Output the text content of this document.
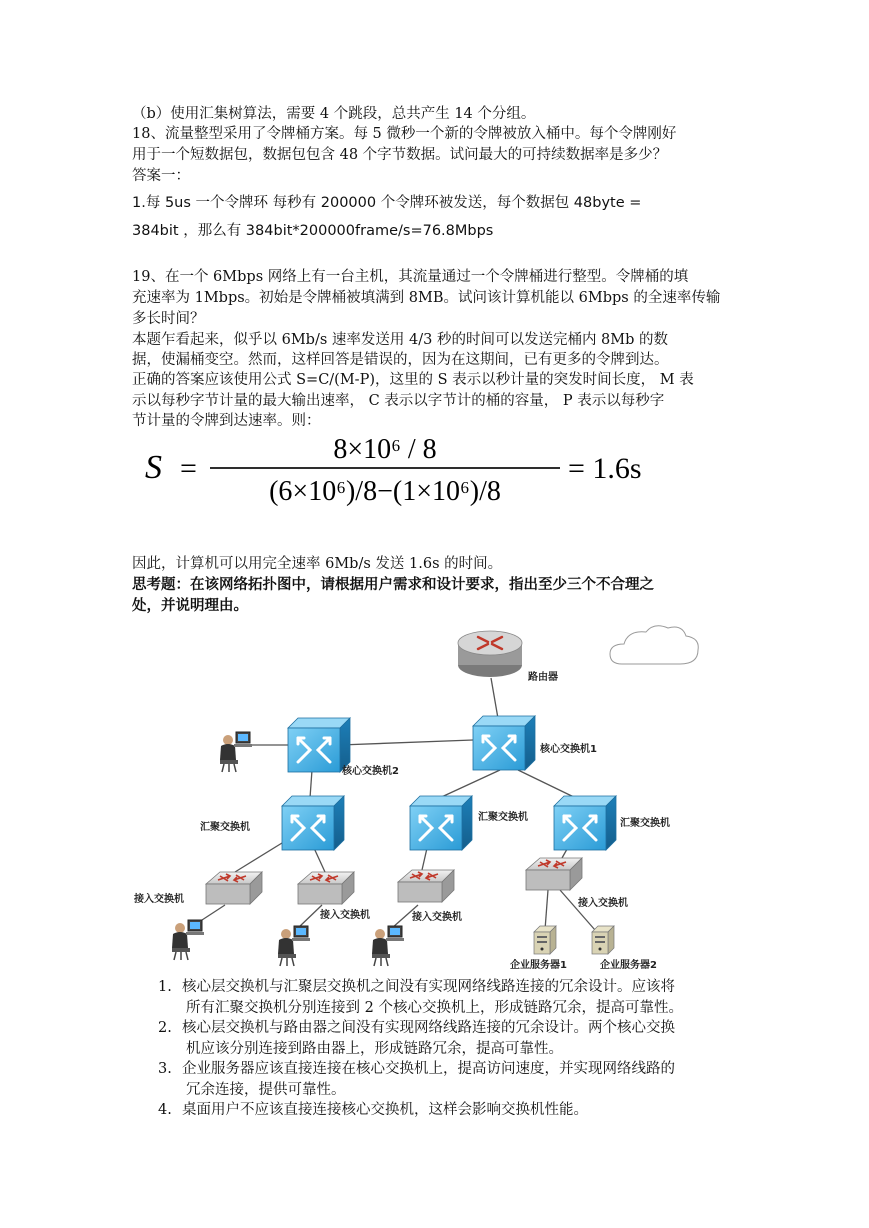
（b）使用汇集树算法，需要 4 个跳段，总共产生 14 个分组。
18、流量整型采用了令牌桶方案。每 5 微秒一个新的令牌被放入桶中。每个令牌刚好
用于一个短数据包，数据包包含 48 个字节数据。试问最大的可持续数据率是多少？
答案一：
1.每 5us 一个令牌环 每秒有 200000 个令牌环被发送，每个数据包 48byte =
384bit ，那么有 384bit*200000frame/s=76.8Mbps
19、在一个 6Mbps 网络上有一台主机，其流量通过一个令牌桶进行整型。令牌桶的填
充速率为 1Mbps。初始是令牌桶被填满到 8MB。试问该计算机能以 6Mbps 的全速率传输
多长时间？
本题乍看起来，似乎以 6Mb/s 速率发送用 4/3 秒的时间可以发送完桶内 8Mb 的数
据，使漏桶变空。然而，这样回答是错误的，因为在这期间，已有更多的令牌到达。
正确的答案应该使用公式 S=C/(M-P)，这里的 S 表示以秒计量的突发时间长度， M 表
示以每秒字节计量的最大输出速率， C 表示以字节计的桶的容量， P 表示以每秒字
节计量的令牌到达速率。则：
S =
8×10⁶ / 8
(6×10⁶)/8−(1×10⁶)/8
= 1.6s
因此，计算机可以用完全速率 6Mb/s 发送 1.6s 的时间。
思考题：在该网络拓扑图中，请根据用户需求和设计要求，指出至少三个不合理之
处，并说明理由。
路由器
核心交换机2
核心交换机1
汇聚交换机
汇聚交换机
汇聚交换机
接入交换机
接入交换机	接入交换机
接入交换机
企业服务器1	企业服务器2
1. 核心层交换机与汇聚层交换机之间没有实现网络线路连接的冗余设计。应该将
所有汇聚交换机分别连接到 2 个核心交换机上，形成链路冗余，提高可靠性。
2. 核心层交换机与路由器之间没有实现网络线路连接的冗余设计。两个核心交换
机应该分别连接到路由器上，形成链路冗余，提高可靠性。
3. 企业服务器应该直接连接在核心交换机上，提高访问速度，并实现网络线路的
冗余连接，提供可靠性。
4. 桌面用户不应该直接连接核心交换机，这样会影响交换机性能。
